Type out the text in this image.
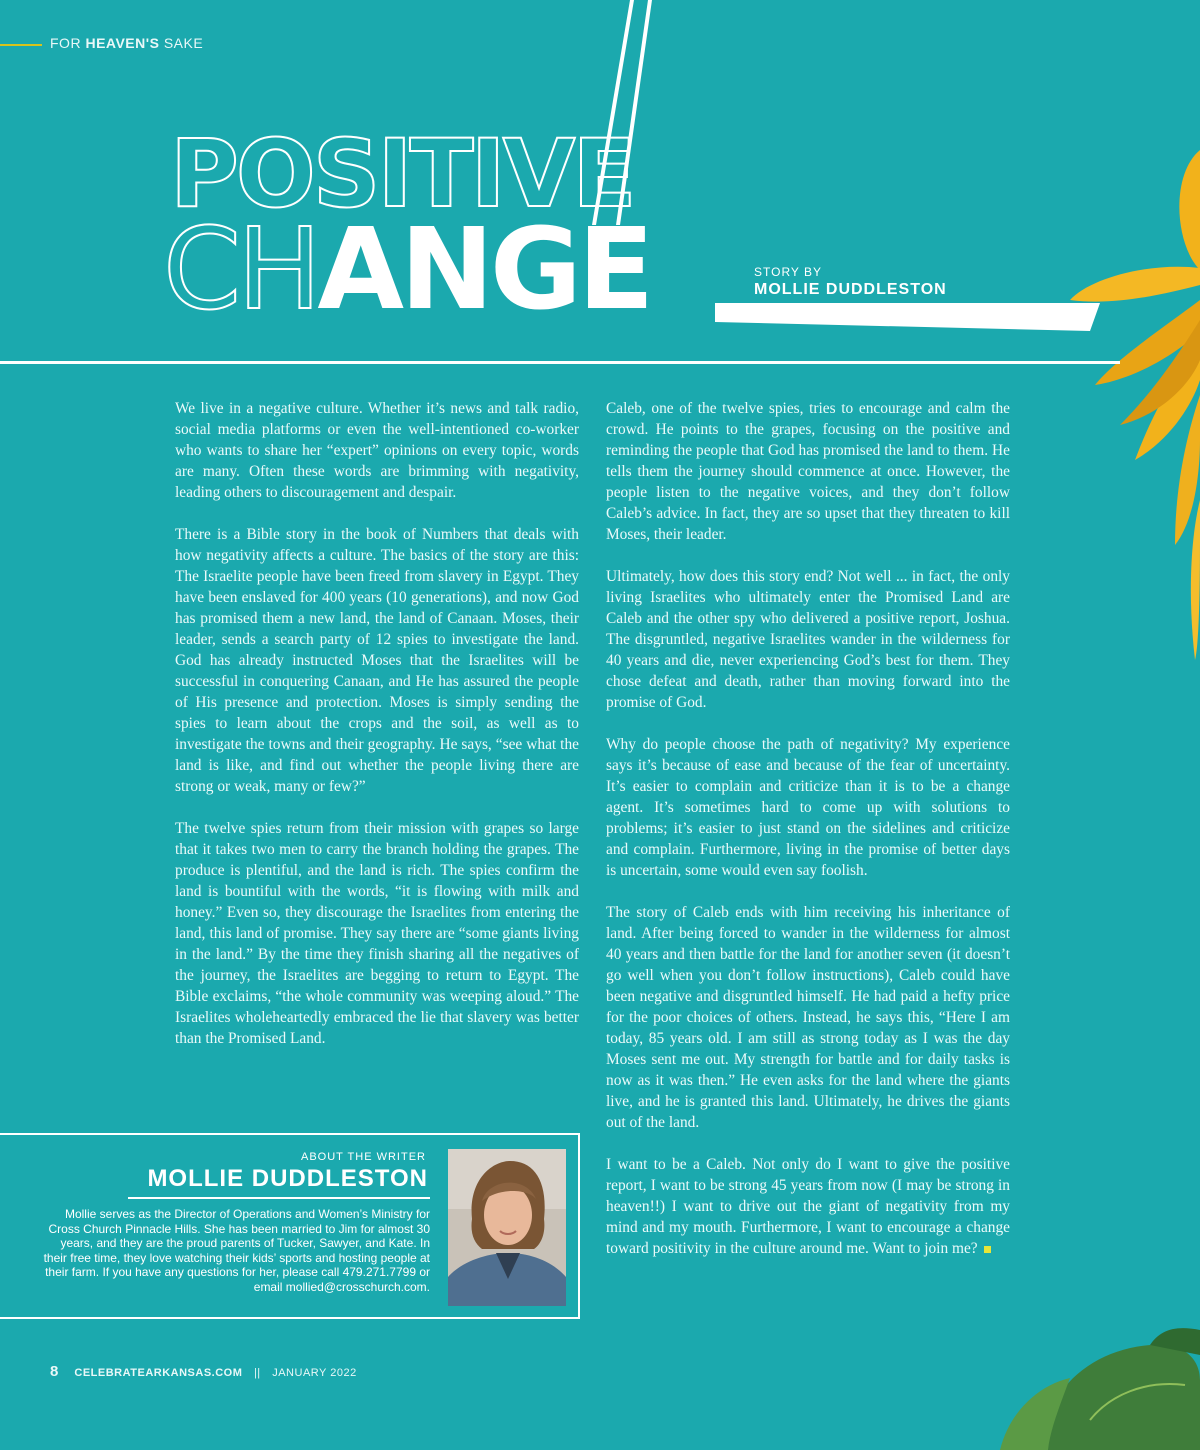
FOR HEAVEN'S SAKE
POSITIVE
CHANGE	STORY BY
MOLLIE DUDDLESTON

We live in a negative culture. Whether it’s news and talk radio, social media platforms or even the well-intentioned co-worker who wants to share her “expert” opinions on every topic, words are many. Often these words are brimming with negativity, leading others to discouragement and despair.

There is a Bible story in the book of Numbers that deals with how negativity affects a culture. The basics of the story are this: The Israelite people have been freed from slavery in Egypt. They have been enslaved for 400 years (10 generations), and now God has promised them a new land, the land of Canaan. Moses, their leader, sends a search party of 12 spies to investigate the land. God has already instructed Moses that the Israelites will be successful in conquering Canaan, and He has assured the people of His presence and protection. Moses is simply sending the spies to learn about the crops and the soil, as well as to investigate the towns and their geography. He says, “see what the land is like, and find out whether the people living there are strong or weak, many or few?”

The twelve spies return from their mission with grapes so large that it takes two men to carry the branch holding the grapes. The produce is plentiful, and the land is rich. The spies confirm the land is bountiful with the words, “it is flowing with milk and honey.” Even so, they discourage the Israelites from entering the land, this land of promise. They say there are “some giants living in the land.” By the time they finish sharing all the negatives of the journey, the Israelites are begging to return to Egypt. The Bible exclaims, “the whole community was weeping aloud.” The Israelites wholeheartedly embraced the lie that slavery was better than the Promised Land.

Caleb, one of the twelve spies, tries to encourage and calm the crowd. He points to the grapes, focusing on the positive and reminding the people that God has promised the land to them. He tells them the journey should commence at once. However, the people listen to the negative voices, and they don’t follow Caleb’s advice. In fact, they are so upset that they threaten to kill Moses, their leader.

Ultimately, how does this story end? Not well ... in fact, the only living Israelites who ultimately enter the Promised Land are Caleb and the other spy who delivered a positive report, Joshua. The disgruntled, negative Israelites wander in the wilderness for 40 years and die, never experiencing God’s best for them. They chose defeat and death, rather than moving forward into the promise of God.

Why do people choose the path of negativity? My experience says it’s because of ease and because of the fear of uncertainty. It’s easier to complain and criticize than it is to be a change agent. It’s sometimes hard to come up with solutions to problems; it’s easier to just stand on the sidelines and criticize and complain. Furthermore, living in the promise of better days is uncertain, some would even say foolish.

The story of Caleb ends with him receiving his inheritance of land. After being forced to wander in the wilderness for almost 40 years and then battle for the land for another seven (it doesn’t go well when you don’t follow instructions), Caleb could have been negative and disgruntled himself. He had paid a hefty price for the poor choices of others. Instead, he says this, “Here I am today, 85 years old. I am still as strong today as I was the day Moses sent me out. My strength for battle and for daily tasks is now as it was then.” He even asks for the land where the giants live, and he is granted this land. Ultimately, he drives the giants out of the land.

I want to be a Caleb. Not only do I want to give the positive report, I want to be strong 45 years from now (I may be strong in heaven!!) I want to drive out the giant of negativity from my mind and my mouth. Furthermore, I want to encourage a change toward positivity in the culture around me. Want to join me?

ABOUT THE WRITER
MOLLIE DUDDLESTON
Mollie serves as the Director of Operations and Women’s Ministry for Cross Church Pinnacle Hills. She has been married to Jim for almost 30 years, and they are the proud parents of Tucker, Sawyer, and Kate. In their free time, they love watching their kids’ sports and hosting people at their farm. If you have any questions for her, please call 479.271.7799 or email mollied@crosschurch.com.
8 CELEBRATEARKANSAS.COM || JANUARY 2022
